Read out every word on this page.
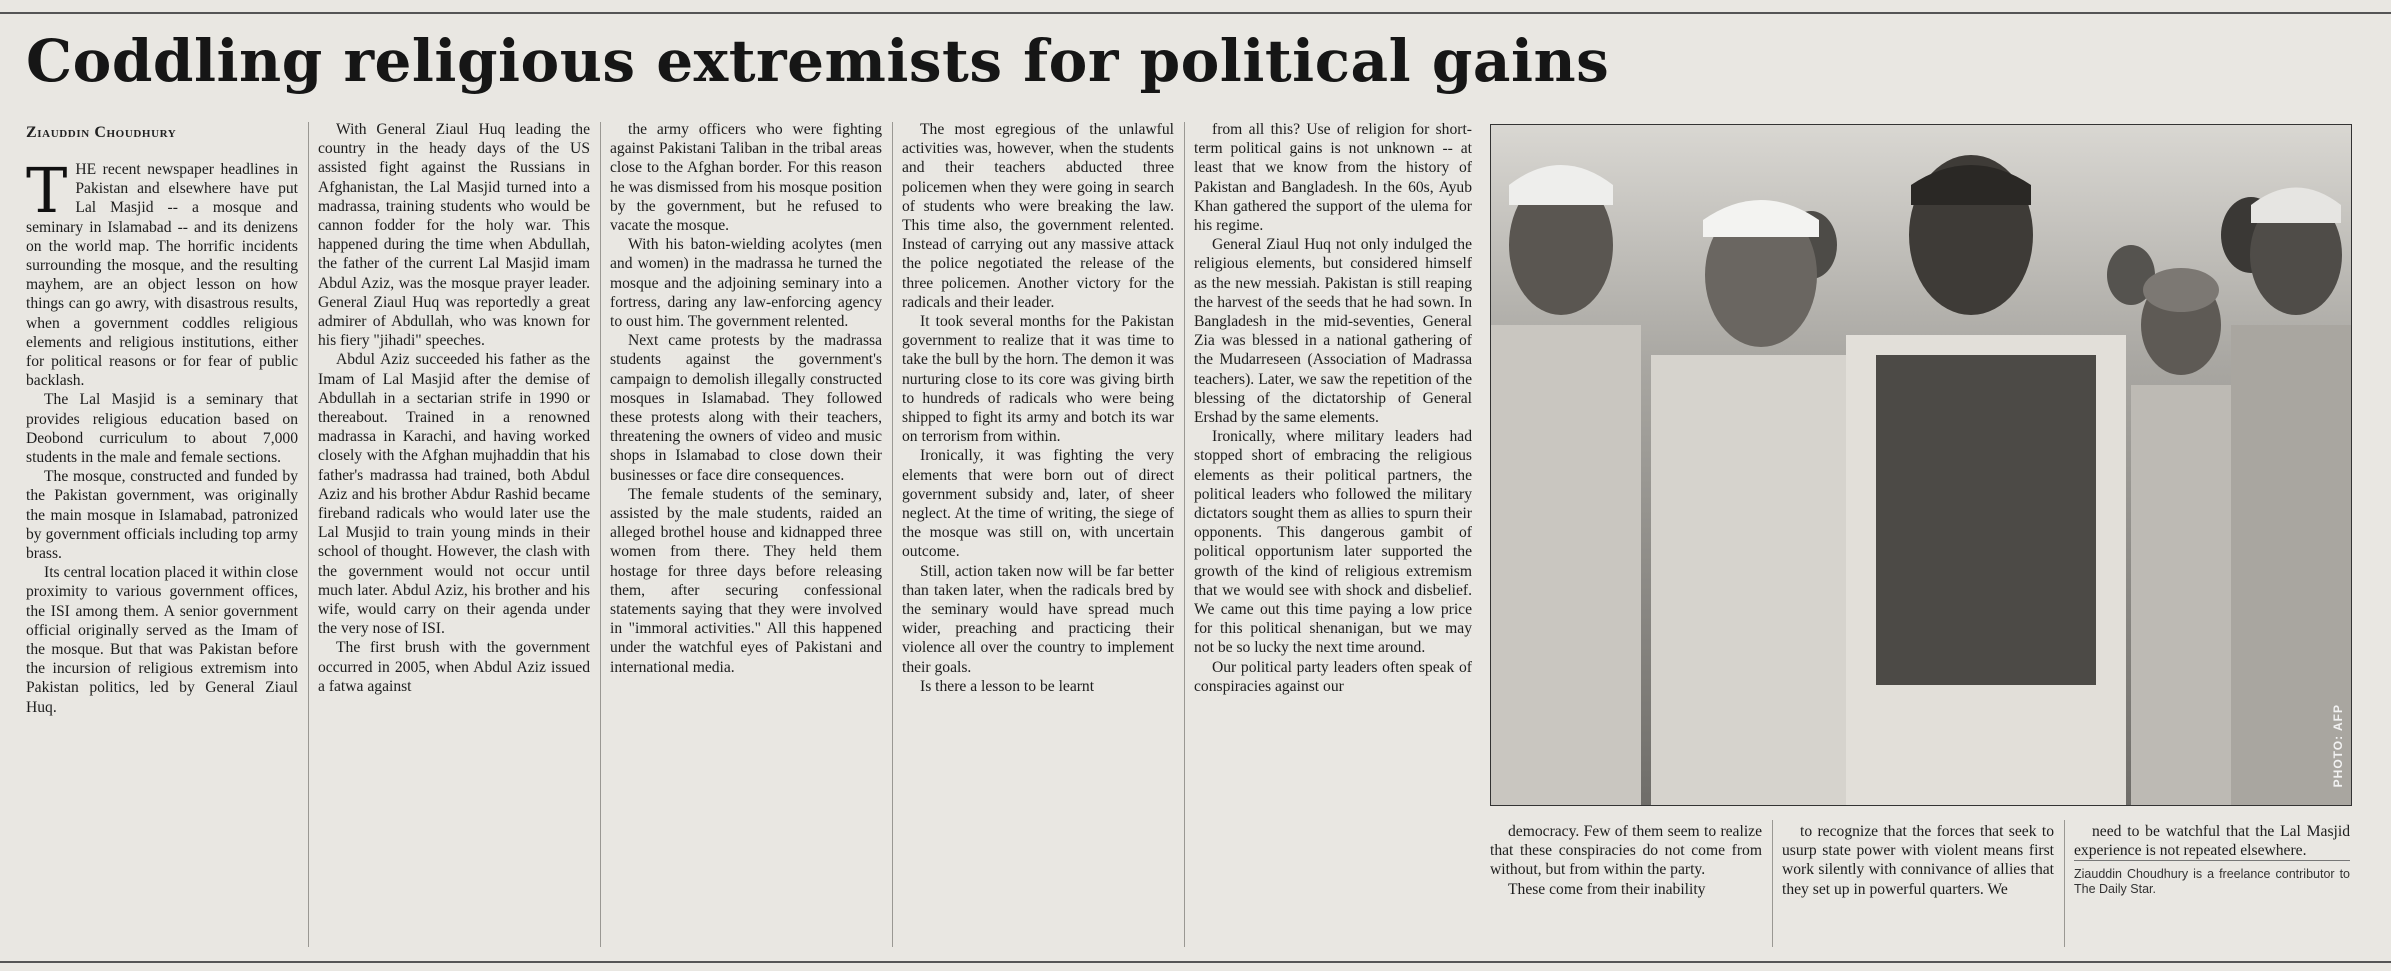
Coddling religious extremists for political gains
Ziauddin Choudhury

THE recent newspaper headlines in Pakistan and elsewhere have put Lal Masjid -- a mosque and seminary in Islamabad -- and its denizens on the world map. The horrific incidents surrounding the mosque, and the resulting mayhem, are an object lesson on how things can go awry, with disastrous results, when a government coddles religious elements and religious institutions, either for political reasons or for fear of public backlash.

The Lal Masjid is a seminary that provides religious education based on Deobond curriculum to about 7,000 students in the male and female sections.

The mosque, constructed and funded by the Pakistan government, was originally the main mosque in Islamabad, patronized by government officials including top army brass.

Its central location placed it within close proximity to various government offices, the ISI among them. A senior government official originally served as the Imam of the mosque. But that was Pakistan before the incursion of religious extremism into Pakistan politics, led by General Ziaul Huq.

With General Ziaul Huq leading the country in the heady days of the US assisted fight against the Russians in Afghanistan, the Lal Masjid turned into a madrassa, training students who would be cannon fodder for the holy war. This happened during the time when Abdullah, the father of the current Lal Masjid imam Abdul Aziz, was the mosque prayer leader. General Ziaul Huq was reportedly a great admirer of Abdullah, who was known for his fiery "jihadi" speeches.

Abdul Aziz succeeded his father as the Imam of Lal Masjid after the demise of Abdullah in a sectarian strife in 1990 or thereabout. Trained in a renowned madrassa in Karachi, and having worked closely with the Afghan mujhaddin that his father's madrassa had trained, both Abdul Aziz and his brother Abdur Rashid became fireband radicals who would later use the Lal Musjid to train young minds in their school of thought. However, the clash with the government would not occur until much later. Abdul Aziz, his brother and his wife, would carry on their agenda under the very nose of ISI.

The first brush with the government occurred in 2005, when Abdul Aziz issued a fatwa against

the army officers who were fighting against Pakistani Taliban in the tribal areas close to the Afghan border. For this reason he was dismissed from his mosque position by the government, but he refused to vacate the mosque.

With his baton-wielding acolytes (men and women) in the madrassa he turned the mosque and the adjoining seminary into a fortress, daring any law-enforcing agency to oust him. The government relented.

Next came protests by the madrassa students against the government's campaign to demolish illegally constructed mosques in Islamabad. They followed these protests along with their teachers, threatening the owners of video and music shops in Islamabad to close down their businesses or face dire consequences.

The female students of the seminary, assisted by the male students, raided an alleged brothel house and kidnapped three women from there. They held them hostage for three days before releasing them, after securing confessional statements saying that they were involved in "immoral activities." All this happened under the watchful eyes of Pakistani and international media.

The most egregious of the unlawful activities was, however, when the students and their teachers abducted three policemen when they were going in search of students who were breaking the law. This time also, the government relented. Instead of carrying out any massive attack the police negotiated the release of the three policemen. Another victory for the radicals and their leader.

It took several months for the Pakistan government to realize that it was time to take the bull by the horn. The demon it was nurturing close to its core was giving birth to hundreds of radicals who were being shipped to fight its army and botch its war on terrorism from within.

Ironically, it was fighting the very elements that were born out of direct government subsidy and, later, of sheer neglect. At the time of writing, the siege of the mosque was still on, with uncertain outcome.

Still, action taken now will be far better than taken later, when the radicals bred by the seminary would have spread much wider, preaching and practicing their violence all over the country to implement their goals.

Is there a lesson to be learnt

from all this? Use of religion for short-term political gains is not unknown -- at least that we know from the history of Pakistan and Bangladesh. In the 60s, Ayub Khan gathered the support of the ulema for his regime.

General Ziaul Huq not only indulged the religious elements, but considered himself as the new messiah. Pakistan is still reaping the harvest of the seeds that he had sown. In Bangladesh in the mid-seventies, General Zia was blessed in a national gathering of the Mudarreseen (Association of Madrassa teachers). Later, we saw the repetition of the blessing of the dictatorship of General Ershad by the same elements.

Ironically, where military leaders had stopped short of embracing the religious elements as their political partners, the political leaders who followed the military dictators sought them as allies to spurn their opponents. This dangerous gambit of political opportunism later supported the growth of the kind of religious extremism that we would see with shock and disbelief. We came out this time paying a low price for this political shenanigan, but we may not be so lucky the next time around.

Our political party leaders often speak of conspiracies against our

PHOTO: AFP

democracy. Few of them seem to realize that these conspiracies do not come from without, but from within the party.

These come from their inability

to recognize that the forces that seek to usurp state power with violent means first work silently with connivance of allies that they set up in powerful quarters. We

need to be watchful that the Lal Masjid experience is not repeated elsewhere.

Ziauddin Choudhury is a freelance contributor to The Daily Star.
